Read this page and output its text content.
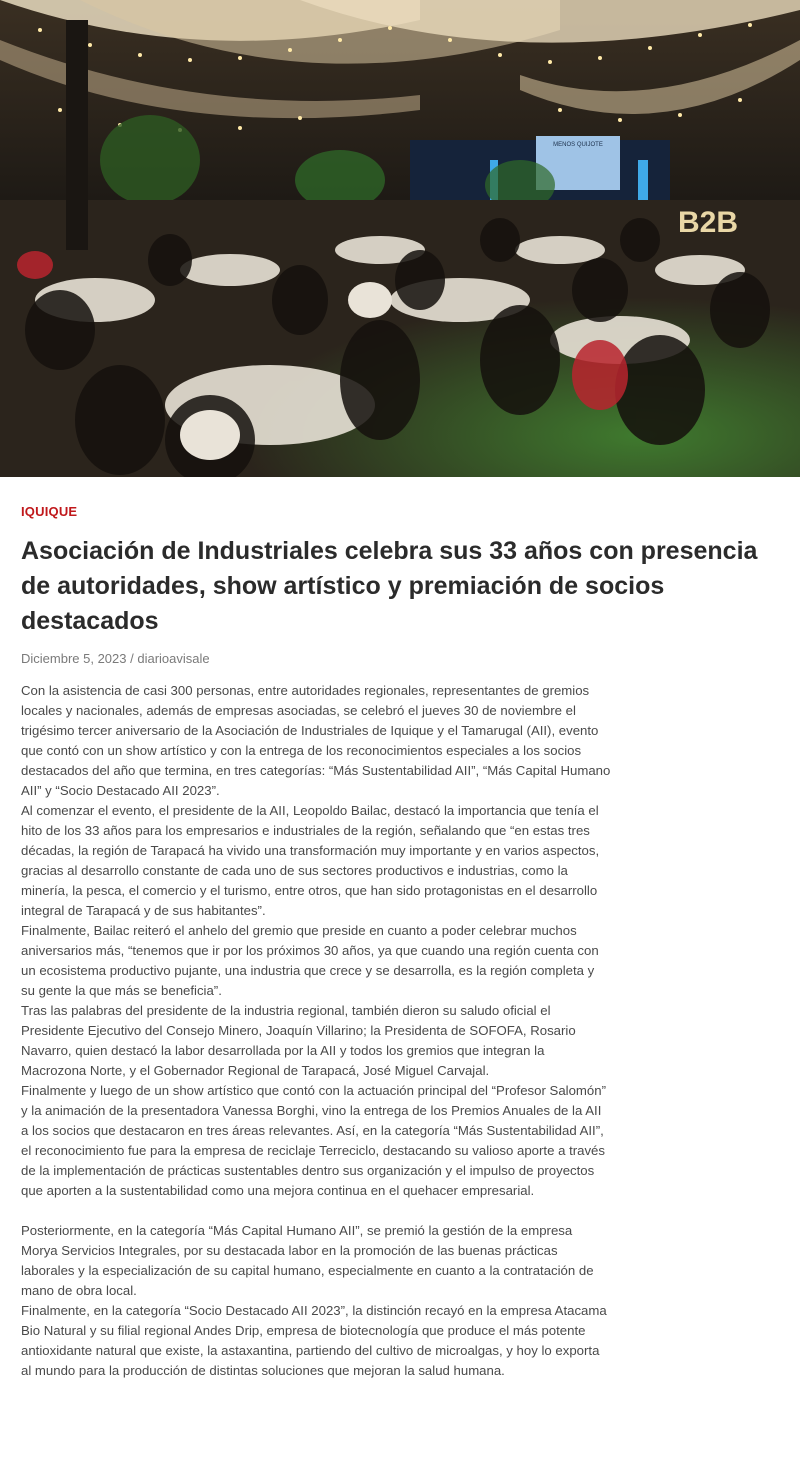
MENOS QUIJOTE
B2B
IQUIQUE
Asociación de Industriales celebra sus 33 años con presencia de autoridades, show artístico y premiación de socios destacados
Diciembre 5, 2023 / diarioavisale

Con la asistencia de casi 300 personas, entre autoridades regionales, representantes de gremios locales y nacionales, además de empresas asociadas, se celebró el jueves 30 de noviembre el trigésimo tercer aniversario de la Asociación de Industriales de Iquique y el Tamarugal (AII), evento que contó con un show artístico y con la entrega de los reconocimientos especiales a los socios destacados del año que termina, en tres categorías: “Más Sustentabilidad AII”, “Más Capital Humano AII” y “Socio Destacado AII 2023”.

Al comenzar el evento, el presidente de la AII, Leopoldo Bailac, destacó la importancia que tenía el hito de los 33 años para los empresarios e industriales de la región, señalando que “en estas tres décadas, la región de Tarapacá ha vivido una transformación muy importante y en varios aspectos, gracias al desarrollo constante de cada uno de sus sectores productivos e industrias, como la minería, la pesca, el comercio y el turismo, entre otros, que han sido protagonistas en el desarrollo integral de Tarapacá y de sus habitantes”.

Finalmente, Bailac reiteró el anhelo del gremio que preside en cuanto a poder celebrar muchos aniversarios más, “tenemos que ir por los próximos 30 años, ya que cuando una región cuenta con un ecosistema productivo pujante, una industria que crece y se desarrolla, es la región completa y su gente la que más se beneficia”.

Tras las palabras del presidente de la industria regional, también dieron su saludo oficial el Presidente Ejecutivo del Consejo Minero, Joaquín Villarino; la Presidenta de SOFOFA, Rosario Navarro, quien destacó la labor desarrollada por la AII y todos los gremios que integran la Macrozona Norte, y el Gobernador Regional de Tarapacá, José Miguel Carvajal.

Finalmente y luego de un show artístico que contó con la actuación principal del “Profesor Salomón” y la animación de la presentadora Vanessa Borghi, vino la entrega de los Premios Anuales de la AII a los socios que destacaron en tres áreas relevantes. Así, en la categoría “Más Sustentabilidad AII”, el reconocimiento fue para la empresa de reciclaje Terreciclo, destacando su valioso aporte a través de la implementación de prácticas sustentables dentro sus organización y el impulso de proyectos que aporten a la sustentabilidad como una mejora continua en el quehacer empresarial.

Posteriormente, en la categoría “Más Capital Humano AII”, se premió la gestión de la empresa Morya Servicios Integrales, por su destacada labor en la promoción de las buenas prácticas laborales y la especialización de su capital humano, especialmente en cuanto a la contratación de mano de obra local.

Finalmente, en la categoría “Socio Destacado AII 2023”, la distinción recayó en la empresa Atacama Bio Natural y su filial regional Andes Drip, empresa de biotecnología que produce el más potente antioxidante natural que existe, la astaxantina, partiendo del cultivo de microalgas, y hoy lo exporta al mundo para la producción de distintas soluciones que mejoran la salud humana.
